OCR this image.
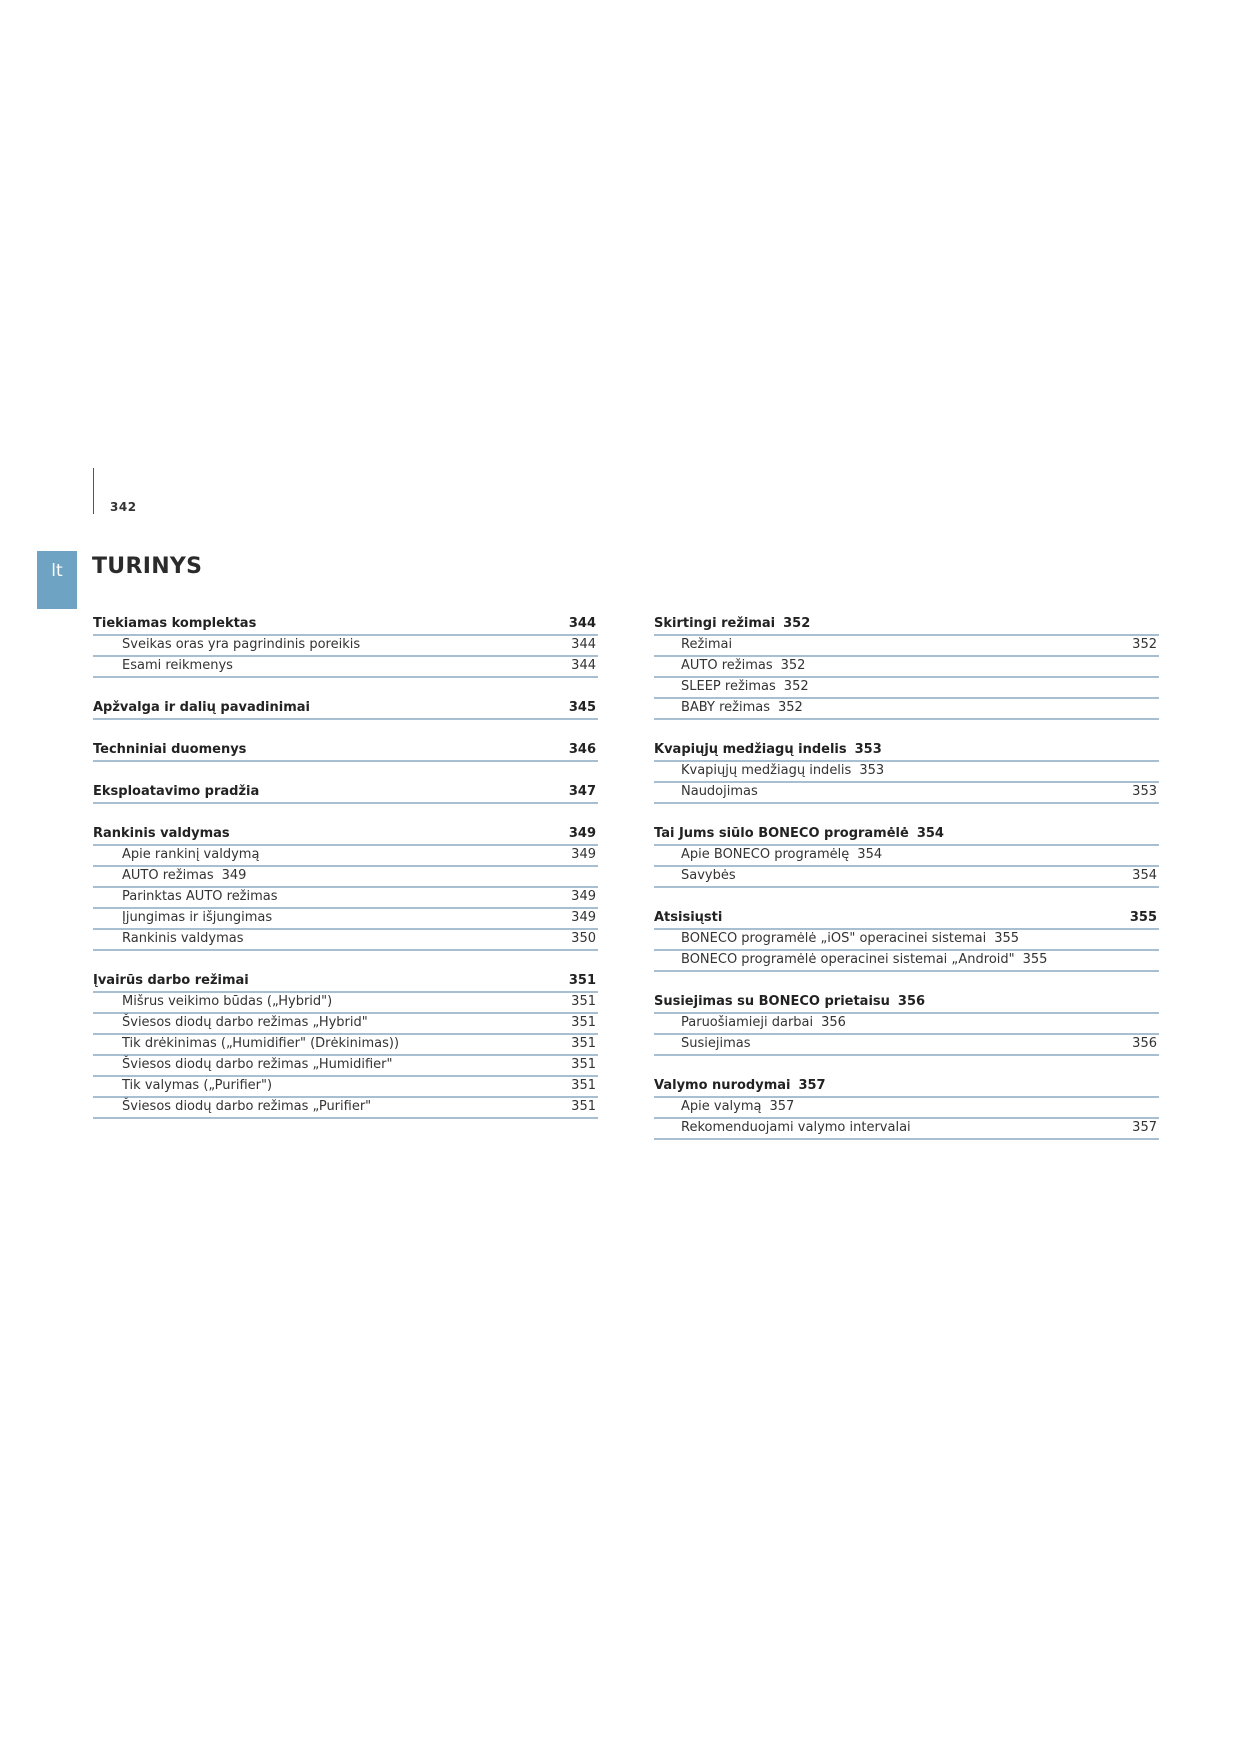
342
lt	TURINYS
Tiekiamas komplektas	344
Sveikas oras yra pagrindinis poreikis	344
Esami reikmenys	344
Apžvalga ir dalių pavadinimai	345
Techniniai duomenys	346
Eksploatavimo pradžia	347
Rankinis valdymas	349
Apie rankinį valdymą	349
AUTO režimas 349
Parinktas AUTO režimas	349
Įjungimas ir išjungimas	349
Rankinis valdymas	350
Įvairūs darbo režimai	351
Mišrus veikimo būdas („Hybrid")	351
Šviesos diodų darbo režimas „Hybrid"	351
Tik drėkinimas („Humidifier" (Drėkinimas))	351
Šviesos diodų darbo režimas „Humidifier"	351
Tik valymas („Purifier")	351
Šviesos diodų darbo režimas „Purifier"	351
Skirtingi režimai 352
Režimai	352
AUTO režimas 352
SLEEP režimas 352
BABY režimas 352
Kvapiųjų medžiagų indelis 353
Kvapiųjų medžiagų indelis 353
Naudojimas	353
Tai Jums siūlo BONECO programėlė 354
Apie BONECO programėlę 354
Savybės	354
Atsisiųsti	355
BONECO programėlė „iOS" operacinei sistemai 355
BONECO programėlė operacinei sistemai „Android" 355
Susiejimas su BONECO prietaisu 356
Paruošiamieji darbai 356
Susiejimas	356
Valymo nurodymai 357
Apie valymą 357
Rekomenduojami valymo intervalai	357
